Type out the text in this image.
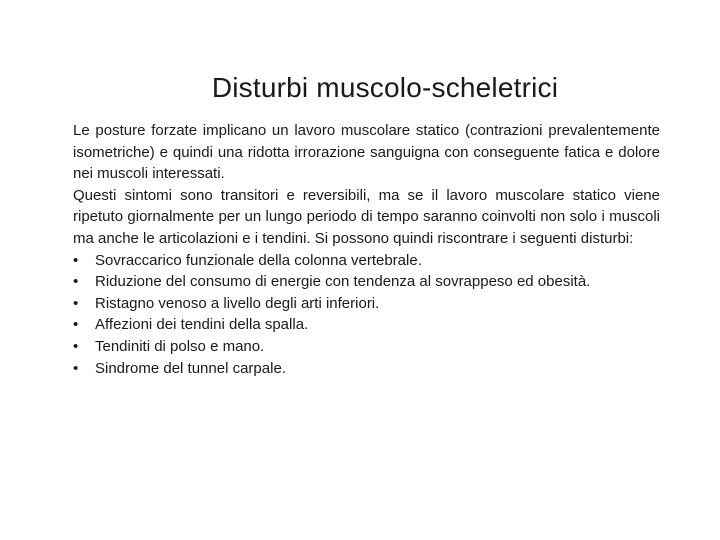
Disturbi muscolo-scheletrici

Le posture forzate implicano un lavoro muscolare statico (contrazioni prevalentemente isometriche) e quindi una ridotta irrorazione sanguigna con conseguente fatica e dolore nei muscoli interessati.

Questi sintomi sono transitori e reversibili, ma se il lavoro muscolare statico viene ripetuto giornalmente per un lungo periodo di tempo saranno coinvolti non solo i muscoli ma anche le articolazioni e i tendini. Si possono quindi riscontrare i seguenti disturbi:

•	Sovraccarico funzionale della colonna vertebrale.
•	Riduzione del consumo di energie con tendenza al sovrappeso ed obesità.
•	Ristagno venoso a livello degli arti inferiori.
•	Affezioni dei tendini della spalla.
•	Tendiniti di polso e mano.
•	Sindrome del tunnel carpale.
